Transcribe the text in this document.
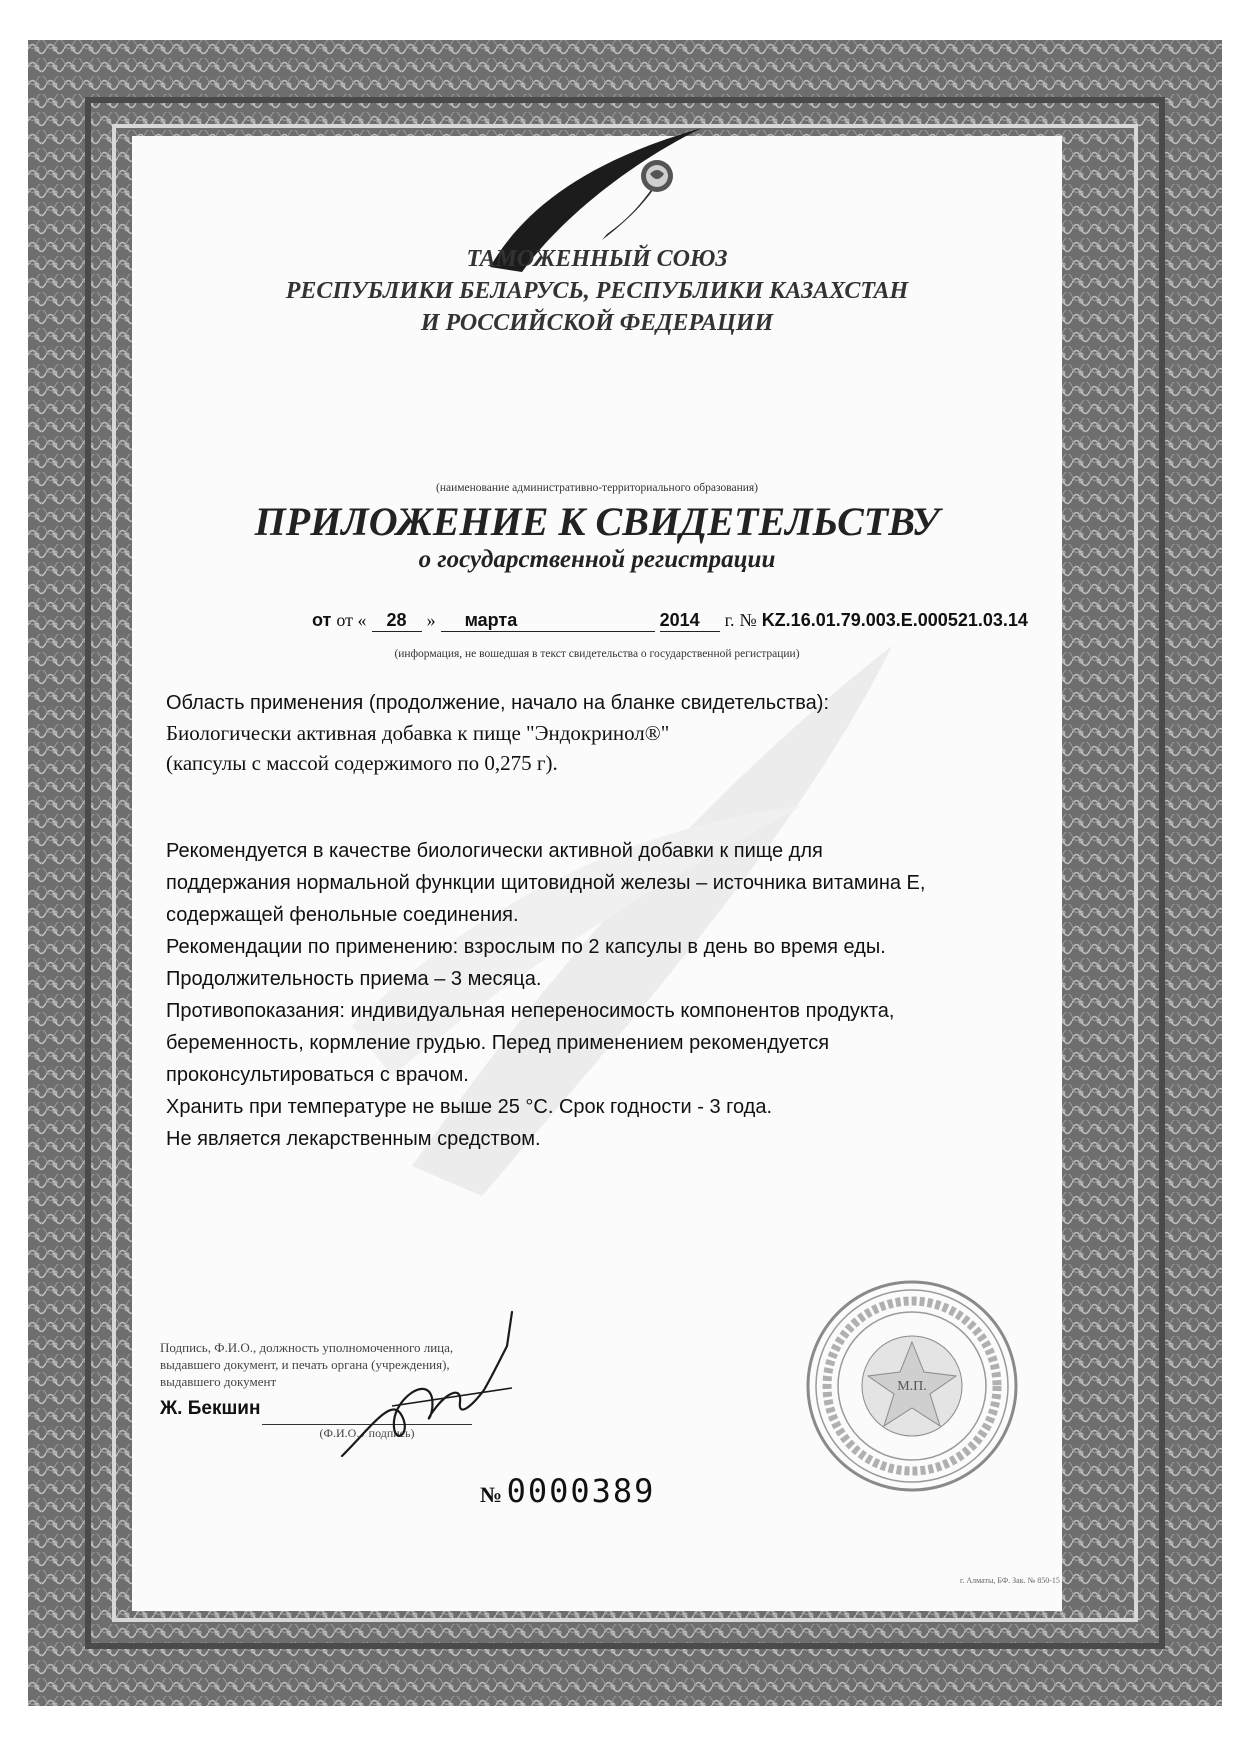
ТАМОЖЕННЫЙ СОЮЗ
РЕСПУБЛИКИ БЕЛАРУСЬ, РЕСПУБЛИКИ КАЗАХСТАН
И РОССИЙСКОЙ ФЕДЕРАЦИИ
(наименование административно-территориального образования)
ПРИЛОЖЕНИЕ К СВИДЕТЕЛЬСТВУ
о государственной регистрации
от от « 28 » марта	2014 г. № KZ.16.01.79.003.E.000521.03.14
(информация, не вошедшая в текст свидетельства о государственной регистрации)
Область применения (продолжение, начало на бланке свидетельства):
Биологически активная добавка к пище "Эндокринол®"
(капсулы с массой содержимого по 0,275 г).
Рекомендуется в качестве биологически активной добавки к пище для
поддержания нормальной функции щитовидной железы – источника витамина Е,
содержащей фенольные соединения.
Рекомендации по применению: взрослым по 2 капсулы в день во время еды.
Продолжительность приема – 3 месяца.
Противопоказания: индивидуальная непереносимость компонентов продукта,
беременность, кормление грудью. Перед применением рекомендуется
проконсультироваться с врачом.
Хранить при температуре не выше 25 °С. Срок годности - 3 года.
Не является лекарственным средством.
Подпись, Ф.И.О., должность уполномоченного лица,
выдавшего документ, и печать органа (учреждения),
выдавшего документ
Ж. Бекшин
(Ф.И.О. / подпись)
№ 0000389
г. Алматы, БФ. Зак. № 850-15
М.П.
